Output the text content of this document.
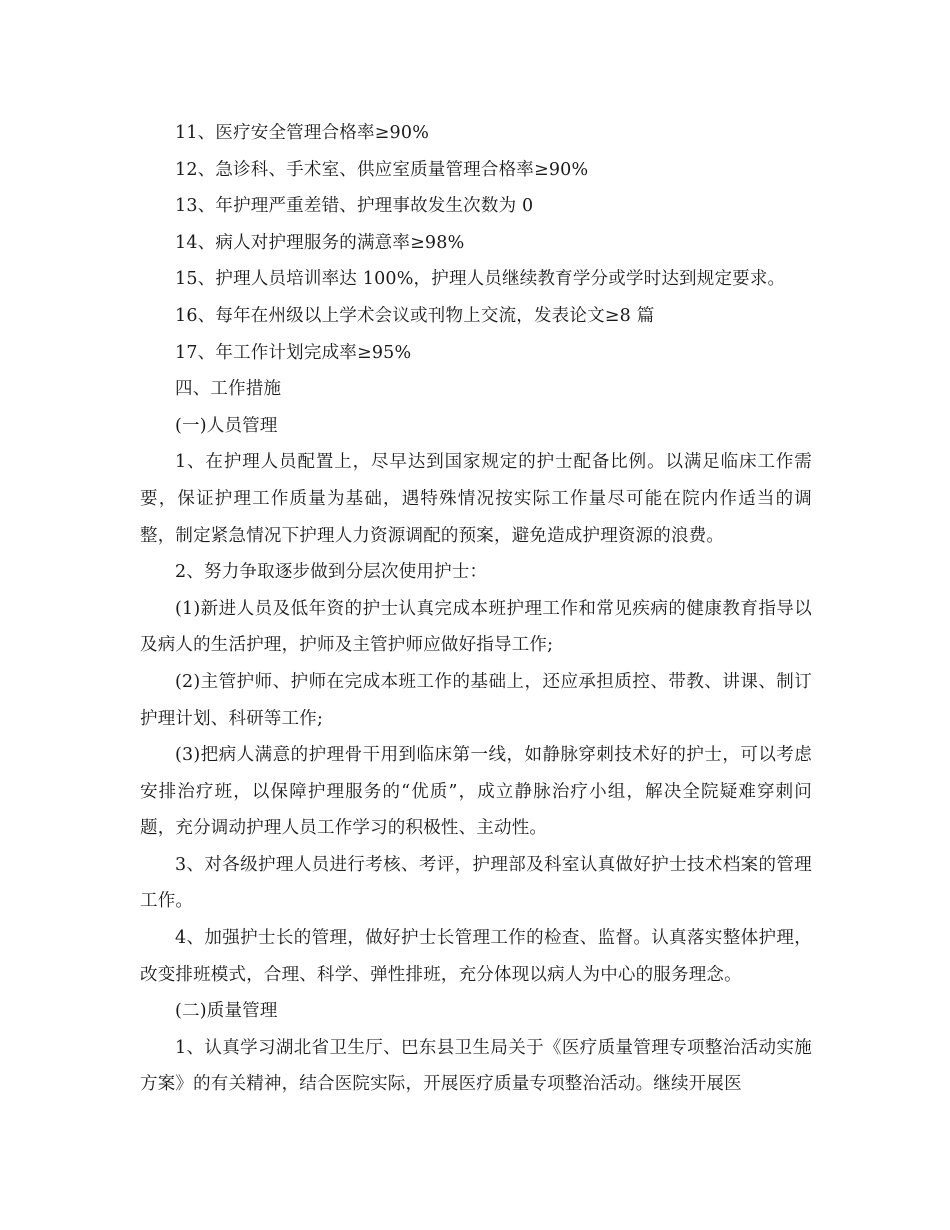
11、医疗安全管理合格率≥90%

12、急诊科、手术室、供应室质量管理合格率≥90%

13、年护理严重差错、护理事故发生次数为 0

14、病人对护理服务的满意率≥98%

15、护理人员培训率达 100%，护理人员继续教育学分或学时达到规定要求。

16、每年在州级以上学术会议或刊物上交流，发表论文≥8 篇

17、年工作计划完成率≥95%

四、工作措施

(一)人员管理

1、在护理人员配置上，尽早达到国家规定的护士配备比例。以满足临床工作需要，保证护理工作质量为基础，遇特殊情况按实际工作量尽可能在院内作适当的调整，制定紧急情况下护理人力资源调配的预案，避免造成护理资源的浪费。

2、努力争取逐步做到分层次使用护士：

(1)新进人员及低年资的护士认真完成本班护理工作和常见疾病的健康教育指导以及病人的生活护理，护师及主管护师应做好指导工作;

(2)主管护师、护师在完成本班工作的基础上，还应承担质控、带教、讲课、制订护理计划、科研等工作;

(3)把病人满意的护理骨干用到临床第一线，如静脉穿刺技术好的护士，可以考虑安排治疗班，以保障护理服务的“优质”，成立静脉治疗小组，解决全院疑难穿刺问题，充分调动护理人员工作学习的积极性、主动性。

3、对各级护理人员进行考核、考评，护理部及科室认真做好护士技术档案的管理工作。

4、加强护士长的管理，做好护士长管理工作的检查、监督。认真落实整体护理，改变排班模式，合理、科学、弹性排班，充分体现以病人为中心的服务理念。

(二)质量管理

1、认真学习湖北省卫生厅、巴东县卫生局关于《医疗质量管理专项整治活动实施方案》的有关精神，结合医院实际，开展医疗质量专项整治活动。继续开展医
